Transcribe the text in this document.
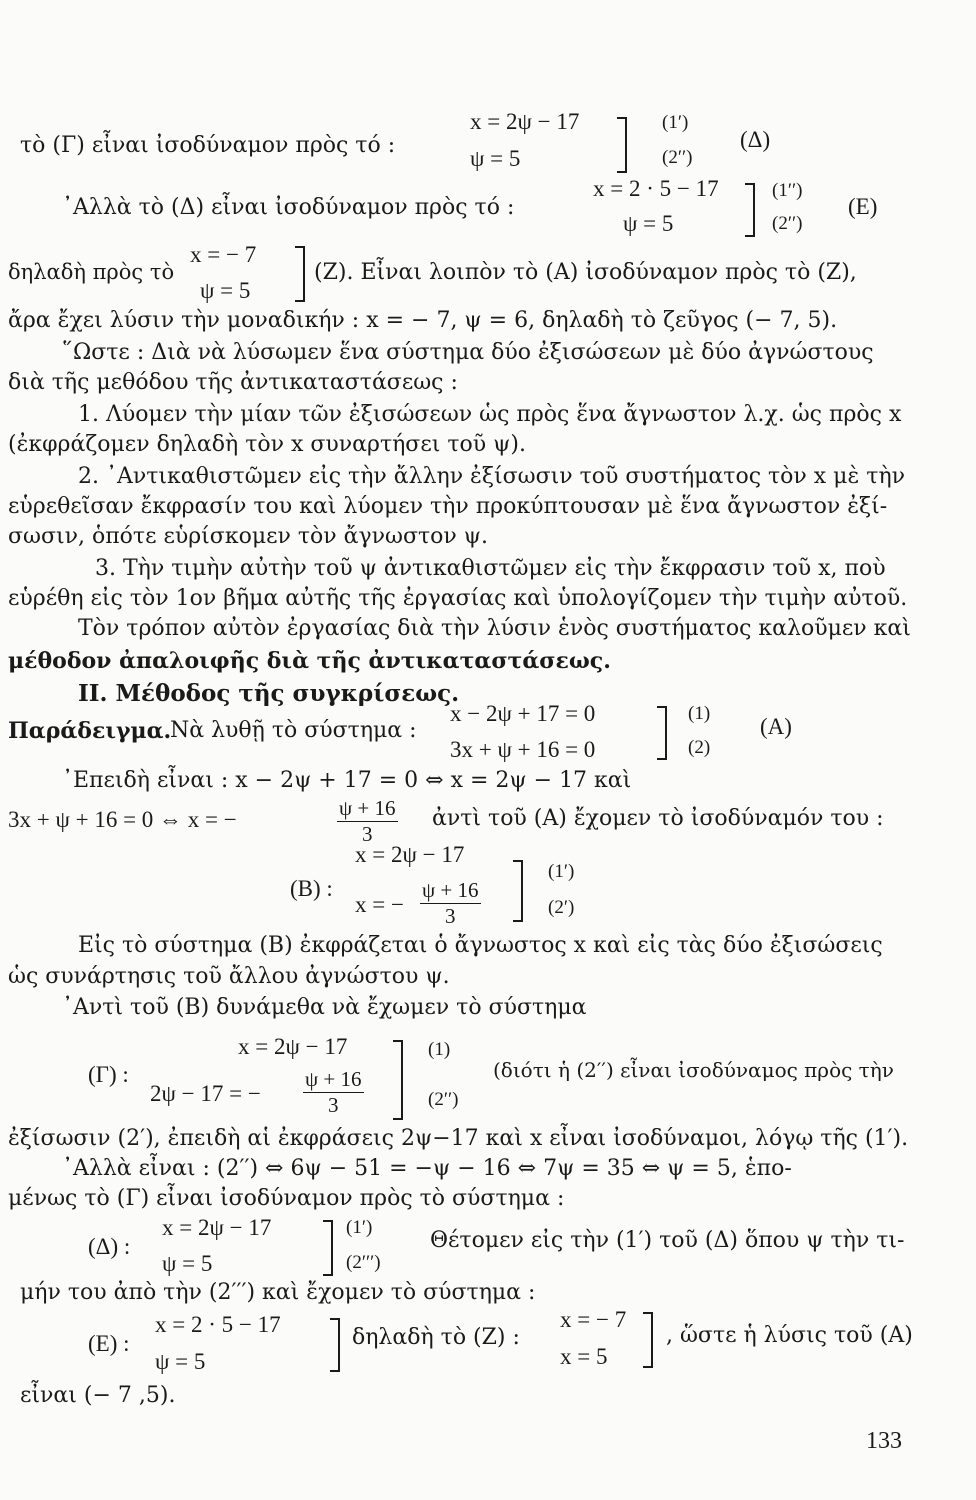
τὸ (Γ) εἶναι ἰσοδύναμον πρὸς τό :
x = 2ψ − 17
ψ = 5
(1′)
(2′′)
(Δ)
᾿Αλλὰ τὸ (Δ) εἶναι ἰσοδύναμον πρὸς τό :
x = 2 · 5 − 17
ψ = 5
(1′′)
(2′′)
(Ε)
δηλαδὴ πρὸς τὸ
x = − 7
ψ = 5
(Ζ). Εἶναι λοιπὸν τὸ (Α) ἰσοδύναμον πρὸς τὸ (Ζ),
ἄρα ἔχει λύσιν τὴν μοναδικήν : x = − 7, ψ = 6, δηλαδὴ τὸ ζεῦγος (− 7, 5).
῞Ωστε : Διὰ νὰ λύσωμεν ἕνα σύστημα δύο ἐξισώσεων μὲ δύο ἀγνώστους
διὰ τῆς μεθόδου τῆς ἀντικαταστάσεως :
1. Λύομεν τὴν μίαν τῶν ἐξισώσεων ὡς πρὸς ἕνα ἄγνωστον λ.χ. ὡς πρὸς x
(ἐκφράζομεν δηλαδὴ τὸν x συναρτήσει τοῦ ψ).
2. ᾿Αντικαθιστῶμεν εἰς τὴν ἄλλην ἐξίσωσιν τοῦ συστήματος τὸν x μὲ τὴν
εὑρεθεῖσαν ἔκφρασίν του καὶ λύομεν τὴν προκύπτουσαν μὲ ἕνα ἄγνωστον ἐξί-
σωσιν, ὁπότε εὑρίσκομεν τὸν ἄγνωστον ψ.
3. Τὴν τιμὴν αὐτὴν τοῦ ψ ἀντικαθιστῶμεν εἰς τὴν ἔκφρασιν τοῦ x, ποὺ
εὑρέθη εἰς τὸν 1ον βῆμα αὐτῆς τῆς ἐργασίας καὶ ὑπολογίζομεν τὴν τιμὴν αὐτοῦ.
Τὸν τρόπον αὐτὸν ἐργασίας διὰ τὴν λύσιν ἑνὸς συστήματος καλοῦμεν καὶ
μέθοδον ἀπαλοιφῆς διὰ τῆς ἀντικαταστάσεως.
ΙΙ. Μέθοδος τῆς συγκρίσεως.
Παράδειγμα.
Νὰ λυθῇ τὸ σύστημα :
x − 2ψ + 17 = 0
3x + ψ + 16 = 0
(1)
(2)
(Α)
᾿Επειδὴ εἶναι : x − 2ψ + 17 = 0 ⇔ x = 2ψ − 17 καὶ
3x + ψ + 16 = 0 ⇔ x = −	$\frac{\psi + 16}{3}$ ἀντὶ τοῦ (Α) ἔχομεν τὸ ἰσοδύναμόν του :
(Β) :
x = 2ψ − 17
x = − $\frac{\psi + 16}{3}$
(1′)
(2′)
Εἰς τὸ σύστημα (Β) ἐκφράζεται ὁ ἄγνωστος x καὶ εἰς τὰς δύο ἐξισώσεις
ὡς συνάρτησις τοῦ ἄλλου ἀγνώστου ψ.
᾿Αντὶ τοῦ (Β) δυνάμεθα νὰ ἔχωμεν τὸ σύστημα
(Γ) :
x = 2ψ − 17
2ψ − 17 = − $\frac{\psi + 16}{3}$
(1)
(2′′)
(διότι ἡ (2′′) εἶναι ἰσοδύναμος πρὸς τὴν
ἐξίσωσιν (2′), ἐπειδὴ αἱ ἐκφράσεις 2ψ−17 καὶ x εἶναι ἰσοδύναμοι, λόγῳ τῆς (1′).
᾿Αλλὰ εἶναι : (2′′) ⇔ 6ψ − 51 = −ψ − 16 ⇔ 7ψ = 35 ⇔ ψ = 5, ἑπο-
μένως τὸ (Γ) εἶναι ἰσοδύναμον πρὸς τὸ σύστημα :
(Δ) :
x = 2ψ − 17
ψ = 5
(1′)
(2′′′)
Θέτομεν εἰς τὴν (1′) τοῦ (Δ) ὅπου ψ τὴν τι-
μήν του ἀπὸ τὴν (2′′′) καὶ ἔχομεν τὸ σύστημα :
(Ε) :
x = 2 · 5 − 17
ψ = 5
δηλαδὴ τὸ (Ζ) :
x = − 7
x = 5
, ὥστε ἡ λύσις τοῦ (Α)
εἶναι (− 7 ,5).
133
